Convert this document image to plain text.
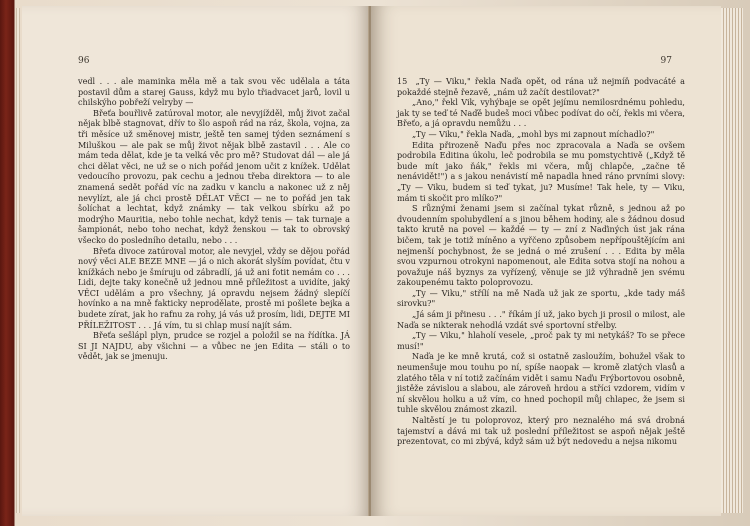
96

vedl . . . ale maminka měla mě a tak svou věc udělala a táta postavil dům a starej Gauss, když mu bylo třiadvacet jarů, lovil u chilskýho pobřeží velryby —

Břeťa bouřlivě zatúroval motor, ale nevyjížděl, můj život začal nějak blbě stagnovat, dřív to šlo aspoň rád na ráz, škola, vojna, za tři měsíce už směnovej mistr, ještě ten samej týden seznámení s Miluškou — ale pak se můj život nějak blbě zastavil . . . Ale co mám teda dělat, kde je ta velká věc pro mě? Studovat dál — ale já chci dělat věci, ne už se o nich pořád jenom učit z knížek. Udělat vedoucího provozu, pak cechu a jednou třeba direktora — to ale znamená sedět pořád víc na zadku v kanclu a nakonec už z něj nevylízt, ale já chci prostě DĚLAT VĚCI — ne to pořád jen tak šolíchat a lechtat, když známky — tak velkou sbírku až po modrýho Mauritia, nebo tohle nechat, když tenis — tak turnaje a šampionát, nebo toho nechat, když ženskou — tak to obrovský všecko do posledního detailu, nebo . . .

Břeťa divoce zatúroval motor, ale nevyjel, vždy se dějou pořád nový věci ALE BEZE MNE — já o nich akorát slyším povídat, čtu v knížkách nebo je šmíruju od zábradlí, já už ani fotit nemám co . . . Lidi, dejte taky konečně už jednou mně příležitost a uvidíte, jaký VĚCI udělám a pro všechny, já opravdu nejsem žádný slepíčí hovínko a na mně fakticky neprodělate, prostě mi pošlete bejka a budete zírat, jak ho rafnu za rohy, já vás už prosím, lidi, DEJTE MI PŘÍLEŽITOST . . . Já vím, tu si chlap musí najít sám.

Břeťa sešlápl plyn, prudce se rozjel a položil se na řídítka. JÁ SI JI NAJDU, aby všichni — a vůbec ne jen Edita — stáli o to vědět, jak se jmenuju.

97

15 „Ty — Viku," řekla Naďa opět, od rána už nejmíň podvacáté a pokaždé stejně řezavě, „nám už začít destilovat?"

„Ano," řekl Vik, vyhýbaje se opět jejímu nemilosrdnému pohledu, jak ty se teď té Naďě budeš moci vůbec podívat do očí, řekls mi včera, Břeťo, a já opravdu nemůžu . . .

„Ty — Viku," řekla Naďa, „mohl bys mi zapnout míchadlo?"

Edita přirozeně Naďu přes noc zpracovala a Naďa se ovšem podrobila Editina úkolu, leč podrobila se mu pomstychtivě („Když tě bude mít jako ňák," řekls mi včera, můj chlapče, „začne tě nenávidět!") a s jakou nenávistí mě napadla hned ráno prvními slovy: „Ty — Viku, budem si teď tykat, ju? Musíme! Tak hele, ty — Viku, mám ti skočit pro mlíko?"

S různými ženami jsem si začínal tykat různě, s jednou až po dvoudenním spolubydlení a s jinou během hodiny, ale s žádnou dosud takto krutě na povel — každé — ty — zní z Naďiných úst jak rána bičem, tak je totiž míněno a vyřčeno způsobem nepřípouštějícím ani nejmenší pochybnost, že se jedná o mé zrušení . . . Edita by měla svou vzpurnou otrokyni napomenout, ale Edita sotva stojí na nohou a považuje náš byznys za vyřízený, věnuje se již výhradně jen svému zakoupenému takto poloprovozu.

„Ty — Viku," střílí na mě Naďa už jak ze sportu, „kde tady máš sirovku?"

„Já sám ji přinesu . . ." říkám jí už, jako bych ji prosil o milost, ale Naďa se nikterak nehodlá vzdát své sportovní střelby.

„Ty — Viku," hlaholí vesele, „proč pak ty mi netykáš? To se přece musí!"

Naďa je ke mně krutá, což si ostatně zasloužím, bohužel však to neumenšuje mou touhu po ní, spíše naopak — kromě zlatých vlasů a zlatého těla v ní totiž začínám vidět i samu Naďu Frýbortovou osobně, jistěže závislou a slabou, ale zároveň hrdou a stříci vzdorem, vidím v ní skvělou holku a už vím, co hned pochopil můj chlapec, že jsem si tuhle skvělou známost zkazil.

Naltěstí je tu poloprovoz, který pro neznalého má svá drobná tajemství a dává mi tak už poslední příležitost se aspoň nějak ještě prezentovat, co mi zbývá, když sám už být nedovedu a nejsa nikomu
